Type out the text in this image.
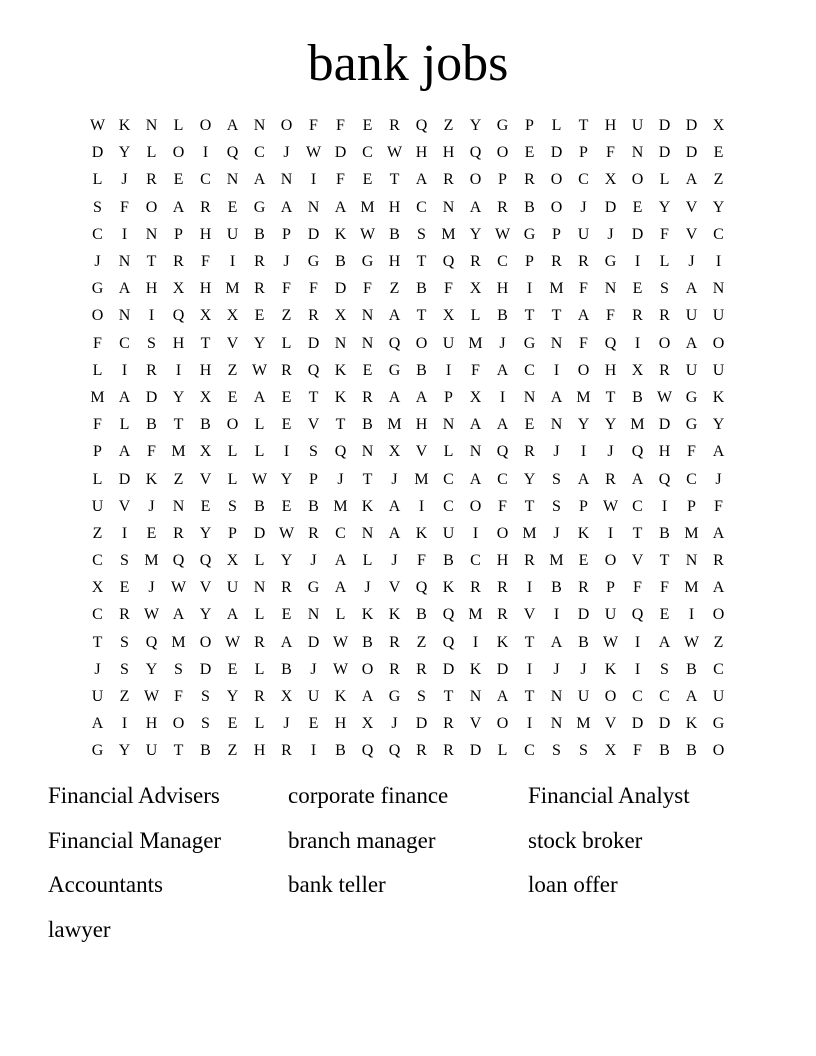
bank jobs
W	K	N	L	O	A	N	O	F	F	E	R	Q	Z	Y	G	P	L	T	H	U	D	D	X
D	Y	L	O	I	Q	C	J	W	D	C	W	H	H	Q	O	E	D	P	F	N	D	D	E
L	J	R	E	C	N	A	N	I	F	E	T	A	R	O	P	R	O	C	X	O	L	A	Z
S	F	O	A	R	E	G	A	N	A	M	H	C	N	A	R	B	O	J	D	E	Y	V	Y
C	I	N	P	H	U	B	P	D	K	W	B	S	M	Y	W	G	P	U	J	D	F	V	C
J	N	T	R	F	I	R	J	G	B	G	H	T	Q	R	C	P	R	R	G	I	L	J	I
G	A	H	X	H	M	R	F	F	D	F	Z	B	F	X	H	I	M	F	N	E	S	A	N
O	N	I	Q	X	X	E	Z	R	X	N	A	T	X	L	B	T	T	A	F	R	R	U	U
F	C	S	H	T	V	Y	L	D	N	N	Q	O	U	M	J	G	N	F	Q	I	O	A	O
L	I	R	I	H	Z	W	R	Q	K	E	G	B	I	F	A	C	I	O	H	X	R	U	U
M	A	D	Y	X	E	A	E	T	K	R	A	A	P	X	I	N	A	M	T	B	W	G	K
F	L	B	T	B	O	L	E	V	T	B	M	H	N	A	A	E	N	Y	Y	M	D	G	Y
P	A	F	M	X	L	L	I	S	Q	N	X	V	L	N	Q	R	J	I	J	Q	H	F	A
L	D	K	Z	V	L	W	Y	P	J	T	J	M	C	A	C	Y	S	A	R	A	Q	C	J
U	V	J	N	E	S	B	E	B	M	K	A	I	C	O	F	T	S	P	W	C	I	P	F
Z	I	E	R	Y	P	D	W	R	C	N	A	K	U	I	O	M	J	K	I	T	B	M	A
C	S	M	Q	Q	X	L	Y	J	A	L	J	F	B	C	H	R	M	E	O	V	T	N	R
X	E	J	W	V	U	N	R	G	A	J	V	Q	K	R	R	I	B	R	P	F	F	M	A
C	R	W	A	Y	A	L	E	N	L	K	K	B	Q	M	R	V	I	D	U	Q	E	I	O
T	S	Q	M	O	W	R	A	D	W	B	R	Z	Q	I	K	T	A	B	W	I	A	W	Z
J	S	Y	S	D	E	L	B	J	W	O	R	R	D	K	D	I	J	J	K	I	S	B	C
U	Z	W	F	S	Y	R	X	U	K	A	G	S	T	N	A	T	N	U	O	C	C	A	U
A	I	H	O	S	E	L	J	E	H	X	J	D	R	V	O	I	N	M	V	D	D	K	G
G	Y	U	T	B	Z	H	R	I	B	Q	Q	R	R	D	L	C	S	S	X	F	B	B	O
Financial Advisers	corporate finance	Financial Analyst
Financial Manager	branch manager	stock broker
Accountants	bank teller	loan offer
lawyer
